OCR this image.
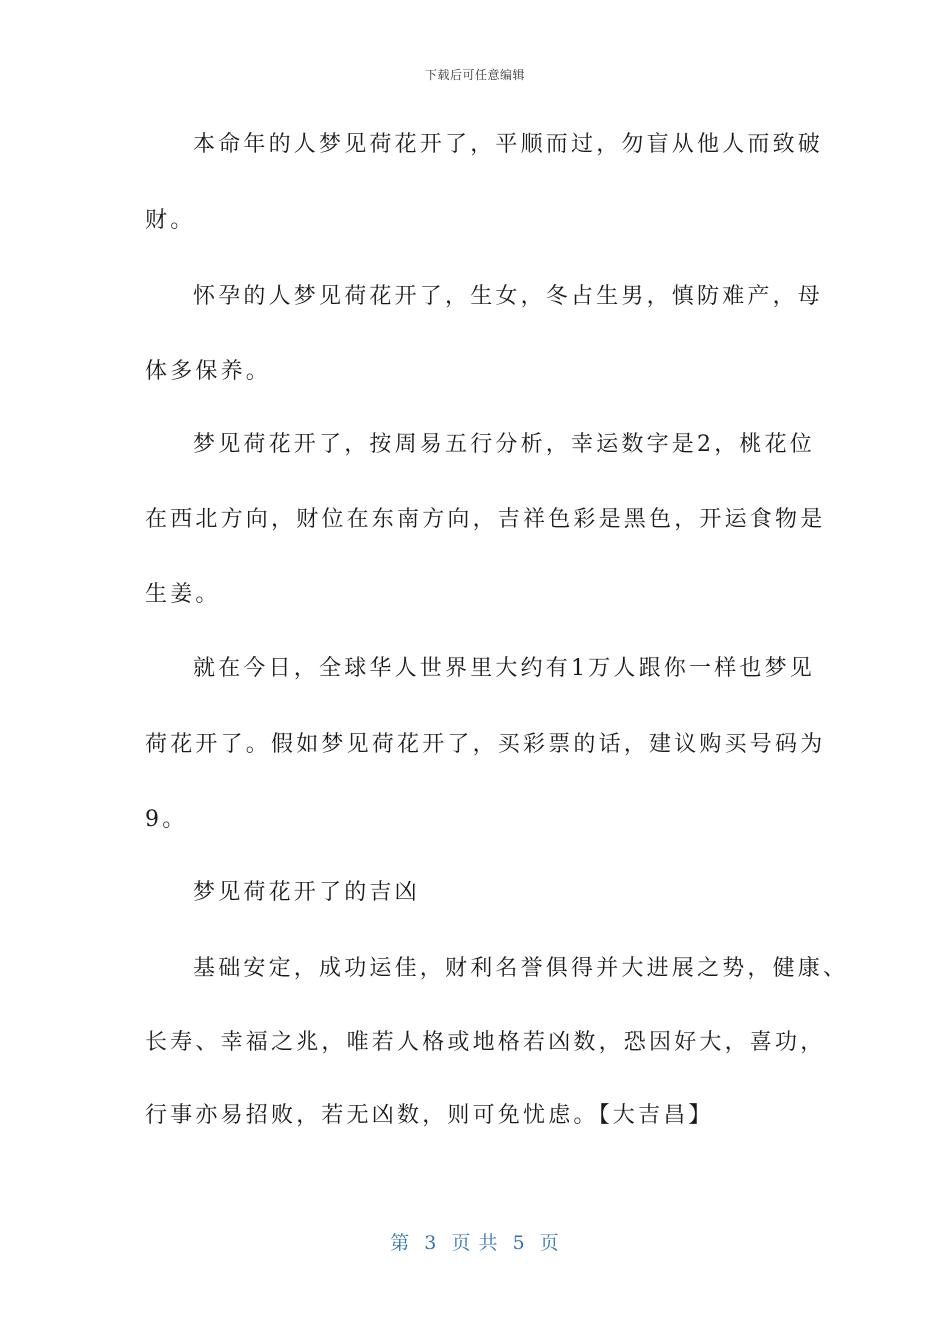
下载后可任意编辑
本命年的人梦见荷花开了，平顺而过，勿盲从他人而致破
财。
怀孕的人梦见荷花开了，生女，冬占生男，慎防难产，母
体多保养。
梦见荷花开了，按周易五行分析，幸运数字是2，桃花位
在西北方向，财位在东南方向，吉祥色彩是黑色，开运食物是
生姜。
就在今日，全球华人世界里大约有1万人跟你一样也梦见
荷花开了。假如梦见荷花开了，买彩票的话，建议购买号码为
9。
梦见荷花开了的吉凶
基础安定，成功运佳，财利名誉俱得并大进展之势，健康、
长寿、幸福之兆，唯若人格或地格若凶数，恐因好大，喜功，
行事亦易招败，若无凶数，则可免忧虑。【大吉昌】
第  3  页 共  5  页
